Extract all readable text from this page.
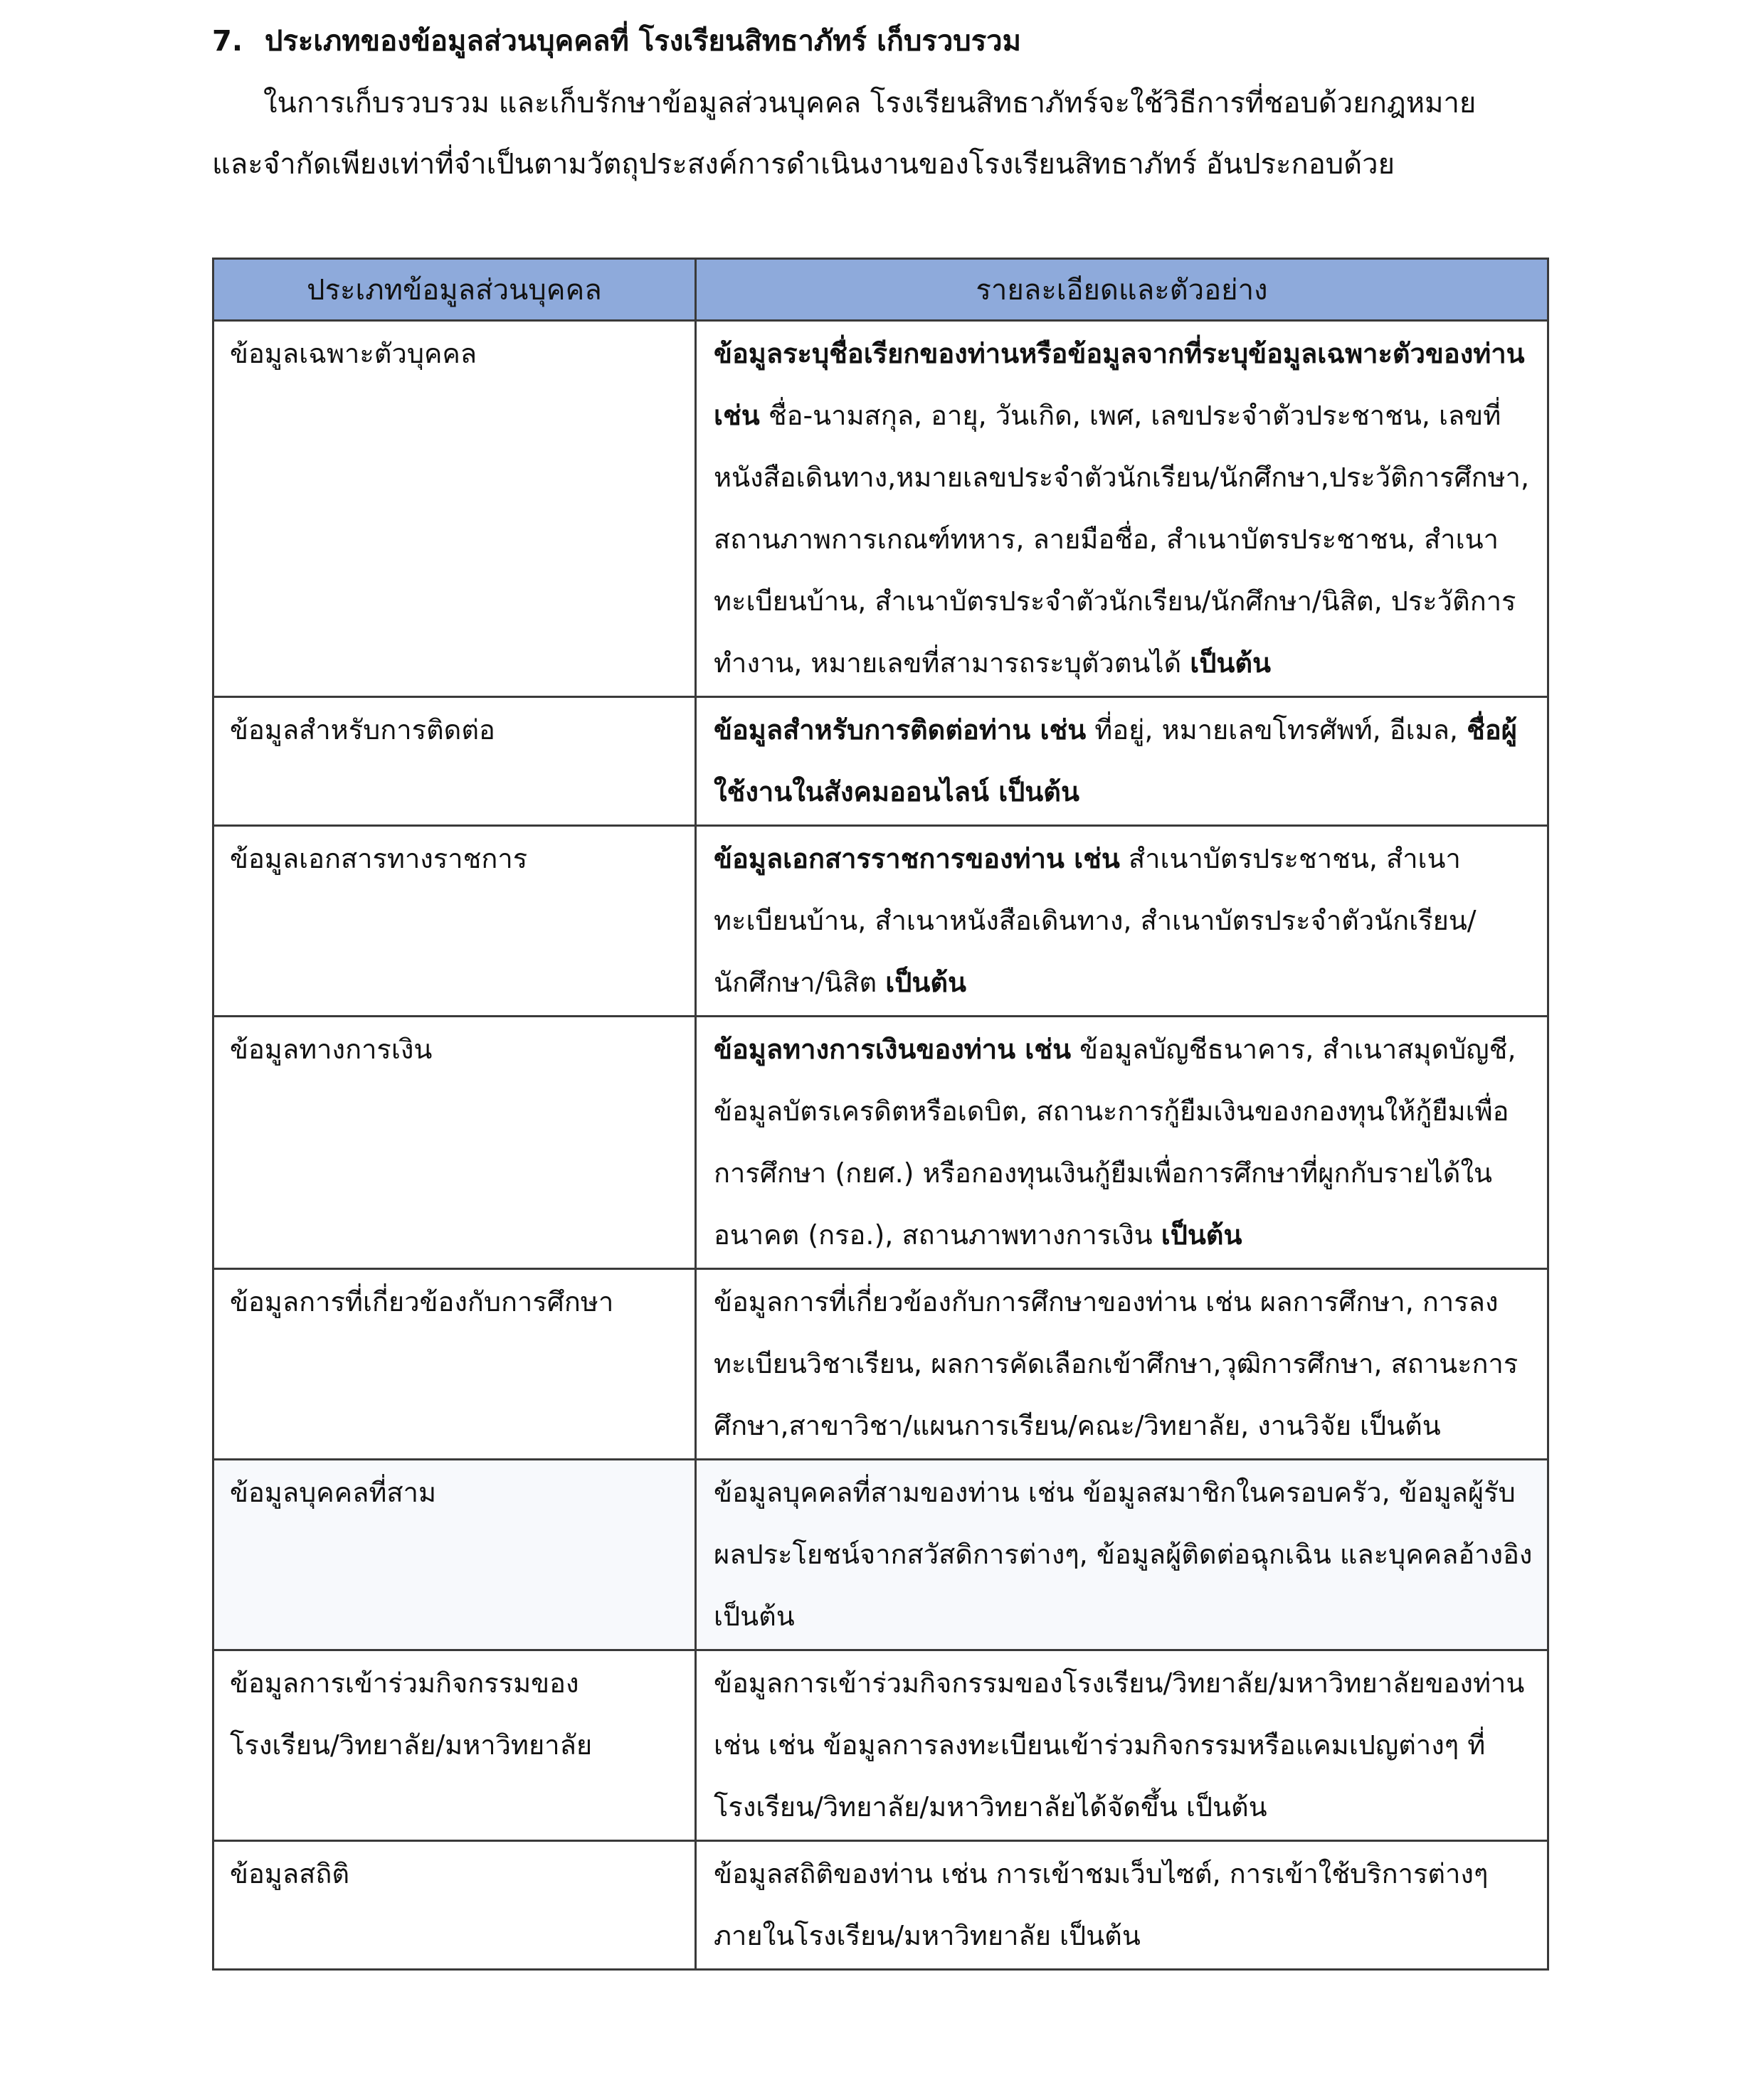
7. ประเภทของข้อมูลส่วนบุคคลที่ โรงเรียนสิทธาภัทร์ เก็บรวบรวม

ในการเก็บรวบรวม และเก็บรักษาข้อมูลส่วนบุคคล โรงเรียนสิทธาภัทร์จะใช้วิธีการที่ชอบด้วยกฎหมาย

และจำกัดเพียงเท่าที่จำเป็นตามวัตถุประสงค์การดำเนินงานของโรงเรียนสิทธาภัทร์ อันประกอบด้วย

ประเภทข้อมูลส่วนบุคคล	รายละเอียดและตัวอย่าง
ข้อมูลเฉพาะตัวบุคคล	ข้อมูลระบุชื่อเรียกของท่านหรือข้อมูลจากที่ระบุข้อมูลเฉพาะตัวของท่าน เช่น ชื่อ-นามสกุล, อายุ, วันเกิด, เพศ, เลขประจำตัวประชาชน, เลขที่หนังสือเดินทาง,หมายเลขประจำตัวนักเรียน/นักศึกษา,ประวัติการศึกษา, สถานภาพการเกณฑ์ทหาร, ลายมือชื่อ, สำเนาบัตรประชาชน, สำเนาทะเบียนบ้าน, สำเนาบัตรประจำตัวนักเรียน/นักศึกษา/นิสิต, ประวัติการทำงาน, หมายเลขที่สามารถระบุตัวตนได้ เป็นต้น
ข้อมูลสำหรับการติดต่อ	ข้อมูลสำหรับการติดต่อท่าน เช่น ที่อยู่, หมายเลขโทรศัพท์, อีเมล, ชื่อผู้ใช้งานในสังคมออนไลน์ เป็นต้น
ข้อมูลเอกสารทางราชการ	ข้อมูลเอกสารราชการของท่าน เช่น สำเนาบัตรประชาชน, สำเนาทะเบียนบ้าน, สำเนาหนังสือเดินทาง, สำเนาบัตรประจำตัวนักเรียน/นักศึกษา/นิสิต เป็นต้น
ข้อมูลทางการเงิน	ข้อมูลทางการเงินของท่าน เช่น ข้อมูลบัญชีธนาคาร, สำเนาสมุดบัญชี, ข้อมูลบัตรเครดิตหรือเดบิต, สถานะการกู้ยืมเงินของกองทุนให้กู้ยืมเพื่อการศึกษา (กยศ.) หรือกองทุนเงินกู้ยืมเพื่อการศึกษาที่ผูกกับรายได้ในอนาคต (กรอ.), สถานภาพทางการเงิน เป็นต้น
ข้อมูลการที่เกี่ยวข้องกับการศึกษา	ข้อมูลการที่เกี่ยวข้องกับการศึกษาของท่าน เช่น ผลการศึกษา, การลงทะเบียนวิชาเรียน, ผลการคัดเลือกเข้าศึกษา,วุฒิการศึกษา, สถานะการศึกษา,สาขาวิชา/แผนการเรียน/คณะ/วิทยาลัย, งานวิจัย เป็นต้น
ข้อมูลบุคคลที่สาม	ข้อมูลบุคคลที่สามของท่าน เช่น ข้อมูลสมาชิกในครอบครัว, ข้อมูลผู้รับผลประโยชน์จากสวัสดิการต่างๆ, ข้อมูลผู้ติดต่อฉุกเฉิน และบุคคลอ้างอิง เป็นต้น
ข้อมูลการเข้าร่วมกิจกรรมของโรงเรียน/วิทยาลัย/มหาวิทยาลัย	ข้อมูลการเข้าร่วมกิจกรรมของโรงเรียน/วิทยาลัย/มหาวิทยาลัยของท่าน เช่น เช่น ข้อมูลการลงทะเบียนเข้าร่วมกิจกรรมหรือแคมเปญต่างๆ ที่โรงเรียน/วิทยาลัย/มหาวิทยาลัยได้จัดขึ้น เป็นต้น
ข้อมูลสถิติ	ข้อมูลสถิติของท่าน เช่น การเข้าชมเว็บไซต์, การเข้าใช้บริการต่างๆ ภายในโรงเรียน/มหาวิทยาลัย เป็นต้น
